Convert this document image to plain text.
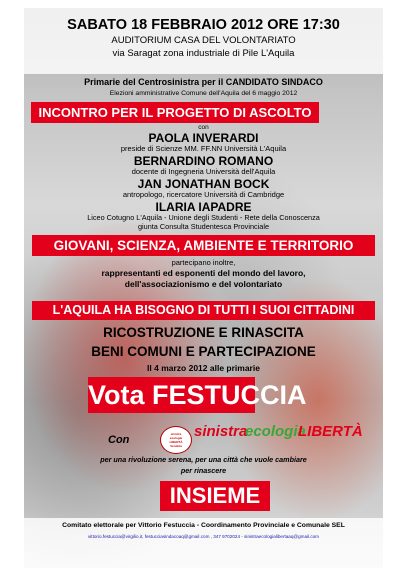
SABATO 18 FEBBRAIO 2012 ORE 17:30
AUDITORIUM CASA DEL VOLONTARIATO
via Saragat zona industriale di Pile L'Aquila
Primarie del Centrosinistra per il CANDIDATO SINDACO
Elezioni amministrative Comune dell'Aquila del 6 maggio 2012
INCONTRO PER IL PROGETTO DI ASCOLTO
con
PAOLA INVERARDI
preside di Scienze MM. FF.NN Università L'Aquila
BERNARDINO ROMANO
docente di Ingegneria Università dell'Aquila
JAN JONATHAN BOCK
antropologo, ricercatore Università di Cambridge
ILARIA IAPADRE
Liceo Cotugno L'Aquila - Unione degli Studenti - Rete della Conoscenza
giunta Consulta Studentesca Provinciale
GIOVANI, SCIENZA, AMBIENTE E TERRITORIO
partecipano inoltre,
rappresentanti ed esponenti del mondo del lavoro,
dell'associazionismo e del volontariato
L'AQUILA HA BISOGNO DI TUTTI I SUOI CITTADINI
RICOSTRUZIONE E RINASCITA
BENI COMUNI E PARTECIPAZIONE
Il 4 marzo 2012 alle primarie
Vota FESTUCCIA
Con	sinistra
ecologia
LIBERTÀ
Vendola
sinistra
ecologia
LIBERTÀ
per una rivoluzione serena, per una città che vuole cambiare
per rinascere
INSIEME
Comitato elettorale per Vittorio Festuccia - Coordinamento Provinciale e Comunale SEL
vittorio.festuccia@virgilio.it, festucciasindacoaq@gmail.com , 347 9702024 - sinistraecologialibertaaq@gmail.com
